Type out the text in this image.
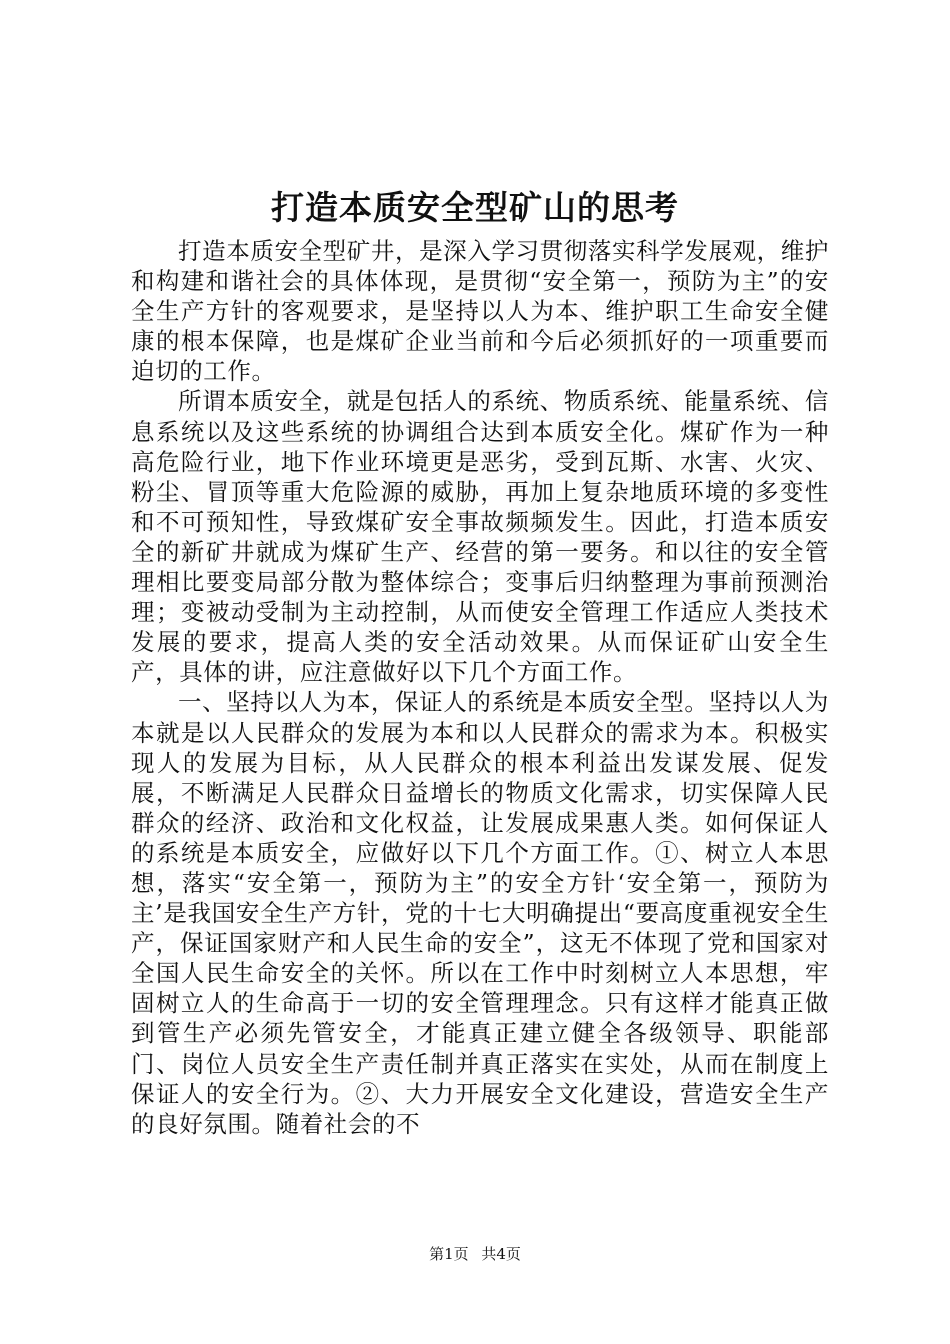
打造本质安全型矿山的思考

打造本质安全型矿井，是深入学习贯彻落实科学发展观，维护和构建和谐社会的具体体现，是贯彻“安全第一，预防为主”的安全生产方针的客观要求，是坚持以人为本、维护职工生命安全健康的根本保障，也是煤矿企业当前和今后必须抓好的一项重要而迫切的工作。

所谓本质安全，就是包括人的系统、物质系统、能量系统、信息系统以及这些系统的协调组合达到本质安全化。煤矿作为一种高危险行业，地下作业环境更是恶劣，受到瓦斯、水害、火灾、粉尘、冒顶等重大危险源的威胁，再加上复杂地质环境的多变性和不可预知性，导致煤矿安全事故频频发生。因此，打造本质安全的新矿井就成为煤矿生产、经营的第一要务。和以往的安全管理相比要变局部分散为整体综合；变事后归纳整理为事前预测治理；变被动受制为主动控制，从而使安全管理工作适应人类技术发展的要求，提高人类的安全活动效果。从而保证矿山安全生产，具体的讲，应注意做好以下几个方面工作。

一、坚持以人为本，保证人的系统是本质安全型。坚持以人为本就是以人民群众的发展为本和以人民群众的需求为本。积极实现人的发展为目标，从人民群众的根本利益出发谋发展、促发展，不断满足人民群众日益增长的物质文化需求，切实保障人民群众的经济、政治和文化权益，让发展成果惠人类。如何保证人的系统是本质安全，应做好以下几个方面工作。①、树立人本思想，落实“安全第一，预防为主”的安全方针‘安全第一，预防为主’是我国安全生产方针，党的十七大明确提出“要高度重视安全生产，保证国家财产和人民生命的安全”，这无不体现了党和国家对全国人民生命安全的关怀。所以在工作中时刻树立人本思想，牢固树立人的生命高于一切的安全管理理念。只有这样才能真正做到管生产必须先管安全，才能真正建立健全各级领导、职能部门、岗位人员安全生产责任制并真正落实在实处，从而在制度上保证人的安全行为。②、大力开展安全文化建设，营造安全生产的良好氛围。随着社会的不

第1页 共4页
